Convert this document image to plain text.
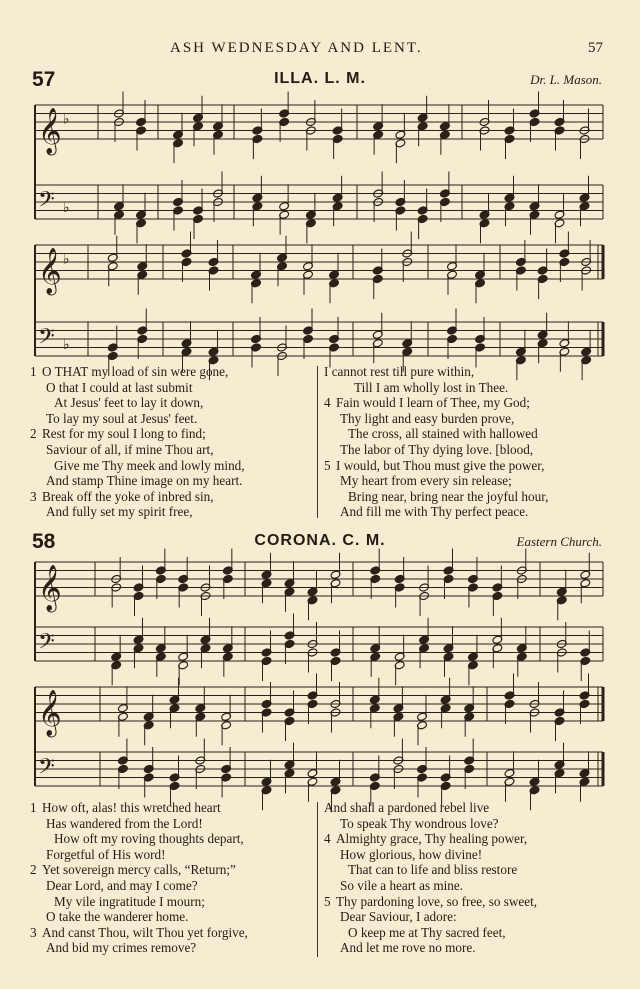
ASH WEDNESDAY AND LENT.	57
57	ILLA. L. M.	Dr. L. Mason.
𝄞 ♭
𝄢 ♭
𝄞 ♭
𝄢 ♭
1 O THAT my load of sin were gone,
O that I could at last submit
At Jesus' feet to lay it down,
To lay my soul at Jesus' feet.
2 Rest for my soul I long to find;
Saviour of all, if mine Thou art,
Give me Thy meek and lowly mind,
And stamp Thine image on my heart.
3 Break off the yoke of inbred sin,
And fully set my spirit free,
I cannot rest till pure within,
Till I am wholly lost in Thee.
4 Fain would I learn of Thee, my God;
Thy light and easy burden prove,
The cross, all stained with hallowed
The labor of Thy dying love. [blood,
5 I would, but Thou must give the power,
My heart from every sin release;
Bring near, bring near the joyful hour,
And fill me with Thy perfect peace.
58	CORONA. C. M.	Eastern Church.
𝄞
𝄢
𝄞
𝄢
1 How oft, alas! this wretched heart
Has wandered from the Lord!
How oft my roving thoughts depart,
Forgetful of His word!
2 Yet sovereign mercy calls, “Return;”
Dear Lord, and may I come?
My vile ingratitude I mourn;
O take the wanderer home.
3 And canst Thou, wilt Thou yet forgive,
And bid my crimes remove?
And shall a pardoned rebel live
To speak Thy wondrous love?
4 Almighty grace, Thy healing power,
How glorious, how divine!
That can to life and bliss restore
So vile a heart as mine.
5 Thy pardoning love, so free, so sweet,
Dear Saviour, I adore:
O keep me at Thy sacred feet,
And let me rove no more.
